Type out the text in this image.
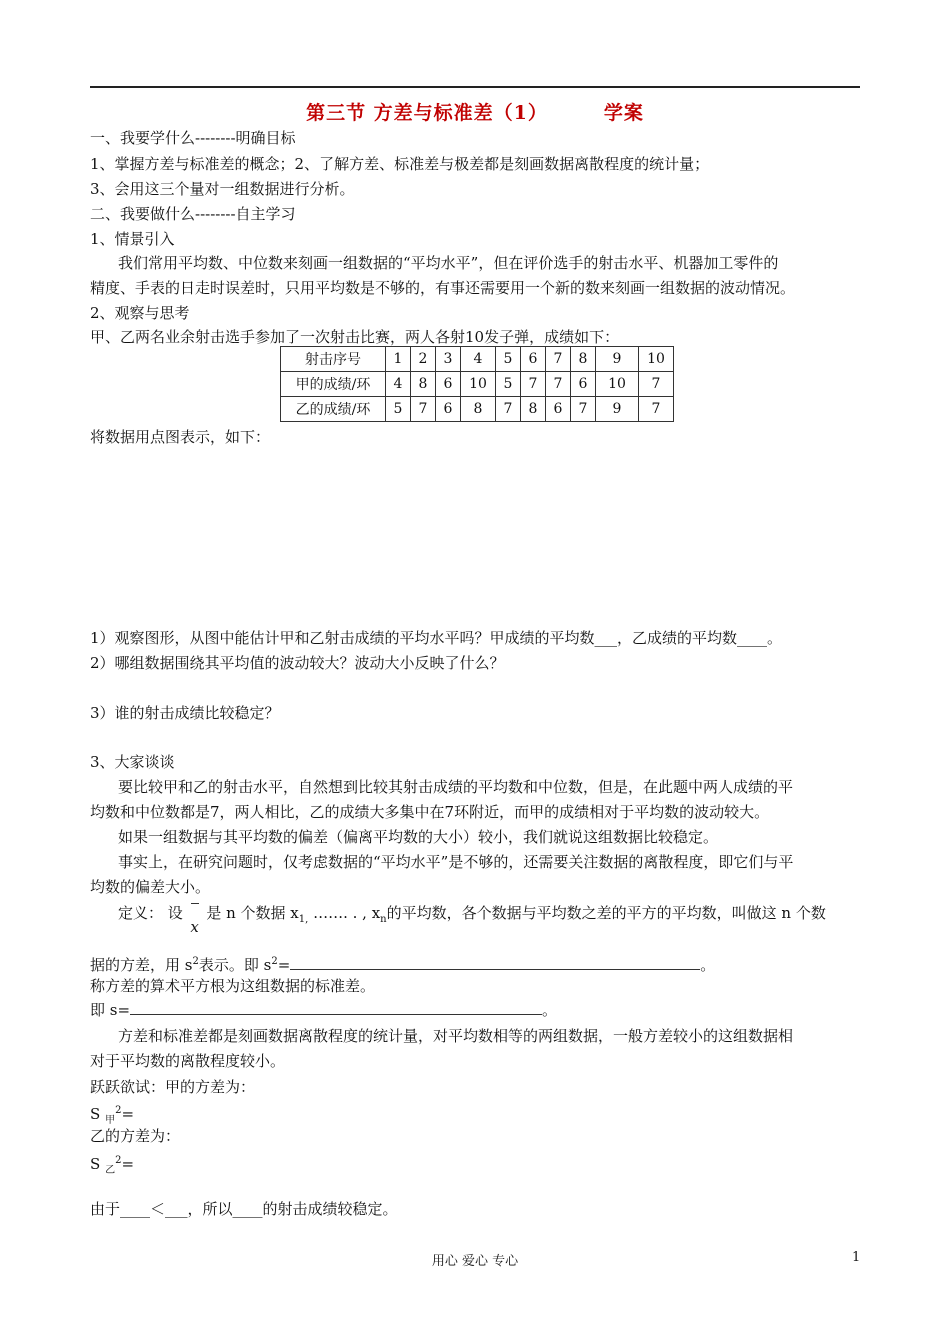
第三节 方差与标准差（1）	学案
一、我要学什么--------明确目标
1、掌握方差与标准差的概念；2、了解方差、标准差与极差都是刻画数据离散程度的统计量；
3、会用这三个量对一组数据进行分析。
二、我要做什么--------自主学习
1、情景引入
我们常用平均数、中位数来刻画一组数据的“平均水平”，但在评价选手的射击水平、机器加工零件的
精度、手表的日走时误差时，只用平均数是不够的，有事还需要用一个新的数来刻画一组数据的波动情况。
2、观察与思考
甲、乙两名业余射击选手参加了一次射击比赛，两人各射10发子弹，成绩如下：
射击序号	1	2	3	4	5	6	7	8	9	10
甲的成绩/环	4	8	6	10	5	7	7	6	10	7
乙的成绩/环	5	7	6	8	7	8	6	7	9	7
将数据用点图表示，如下：
1）观察图形，从图中能估计甲和乙射击成绩的平均水平吗？甲成绩的平均数___，乙成绩的平均数____。
2）哪组数据围绕其平均值的波动较大？波动大小反映了什么？
3）谁的射击成绩比较稳定？
3、大家谈谈
要比较甲和乙的射击水平，自然想到比较其射击成绩的平均数和中位数，但是，在此题中两人成绩的平
均数和中位数都是7，两人相比，乙的成绩大多集中在7环附近，而甲的成绩相对于平均数的波动较大。
如果一组数据与其平均数的偏差（偏离平均数的大小）较小，我们就说这组数据比较稳定。
事实上，在研究问题时，仅考虑数据的“平均水平”是不够的，还需要关注数据的离散程度，即它们与平
均数的偏差大小。
定义： 设
x 是 n 个数据 $x_{1,}$ ……. . , $x_n$的平均数，各个数据与平均数之差的平方的平均数，叫做这 n 个数
据的方差，用 $s^2$表示。即 $s^2=$	。
称方差的算术平方根为这组数据的标准差。
即 s=	。
方差和标准差都是刻画数据离散程度的统计量，对平均数相等的两组数据，一般方差较小的这组数据相
对于平均数的离散程度较小。
跃跃欲试：甲的方差为：
S $_甲^2$=
乙的方差为：
S $_乙^2$=
由于____＜___，所以____的射击成绩较稳定。
用心 爱心 专心	1
